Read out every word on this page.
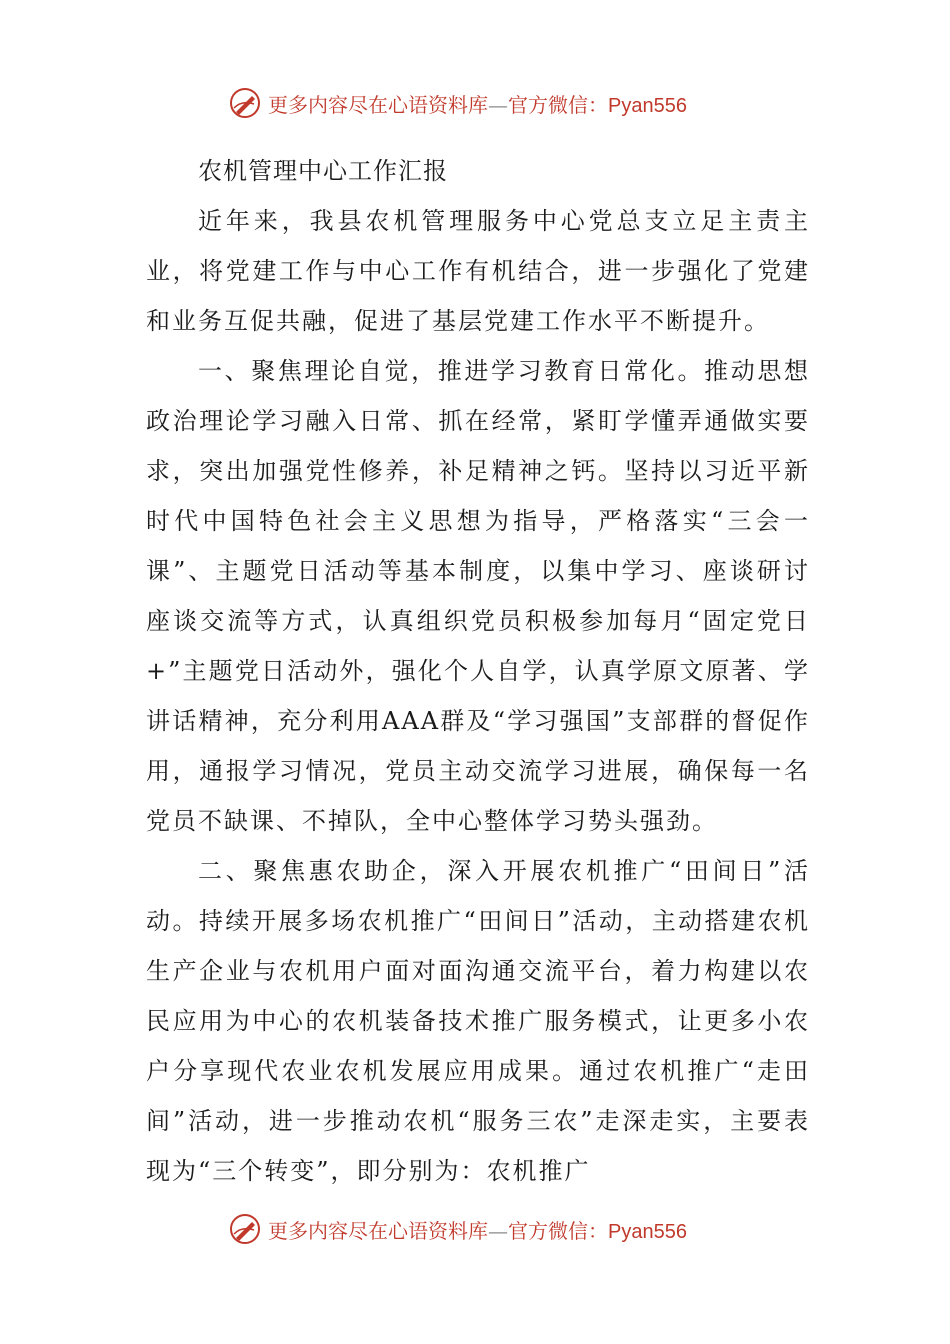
更多内容尽在心语资料库—官方微信：Pyan556

农机管理中心工作汇报

近年来，我县农机管理服务中心党总支立足主责主业，将党建工作与中心工作有机结合，进一步强化了党建和业务互促共融，促进了基层党建工作水平不断提升。

一、聚焦理论自觉，推进学习教育日常化。推动思想政治理论学习融入日常、抓在经常，紧盯学懂弄通做实要求，突出加强党性修养，补足精神之钙。坚持以习近平新时代中国特色社会主义思想为指导，严格落实“三会一课”、主题党日活动等基本制度，以集中学习、座谈研讨座谈交流等方式，认真组织党员积极参加每月“固定党日+”主题党日活动外，强化个人自学，认真学原文原著、学讲话精神，充分利用AAA群及“学习强国”支部群的督促作用，通报学习情况，党员主动交流学习进展，确保每一名党员不缺课、不掉队，全中心整体学习势头强劲。

二、聚焦惠农助企，深入开展农机推广“田间日”活动。持续开展多场农机推广“田间日”活动，主动搭建农机生产企业与农机用户面对面沟通交流平台，着力构建以农民应用为中心的农机装备技术推广服务模式，让更多小农户分享现代农业农机发展应用成果。通过农机推广“走田间”活动，进一步推动农机“服务三农”走深走实，主要表现为“三个转变”，即分别为：农机推广

更多内容尽在心语资料库—官方微信：Pyan556
